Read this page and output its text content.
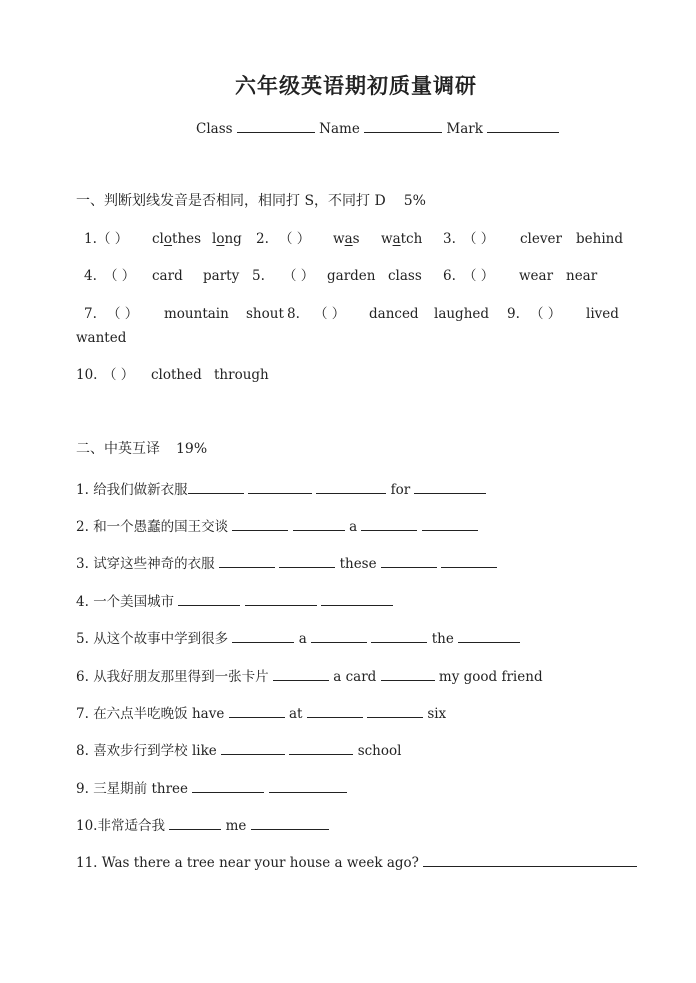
六年级英语期初质量调研
Class	Name	Mark
一、判断划线发音是否相同，相同打 S，不同打 D 5%
1. （ ） clothes long 2. （ ） was watch 3. （ ） clever behind
4. （ ） card party 5. （ ） garden class 6. （ ） wear near
7. （ ） mountain shout 8. （ ） danced laughed 9. （ ） lived
wanted
10. （ ） clothed through
二、中英互译 19%
1. 给我们做新衣服	for
2. 和一个愚蠢的国王交谈	a
3. 试穿这些神奇的衣服	these
4. 一个美国城市
5. 从这个故事中学到很多	a	the
6. 从我好朋友那里得到一张卡片	a card	my good friend
7. 在六点半吃晚饭 have	at	six
8. 喜欢步行到学校 like	school
9. 三星期前 three
10.非常适合我	me
11. Was there a tree near your house a week ago?
